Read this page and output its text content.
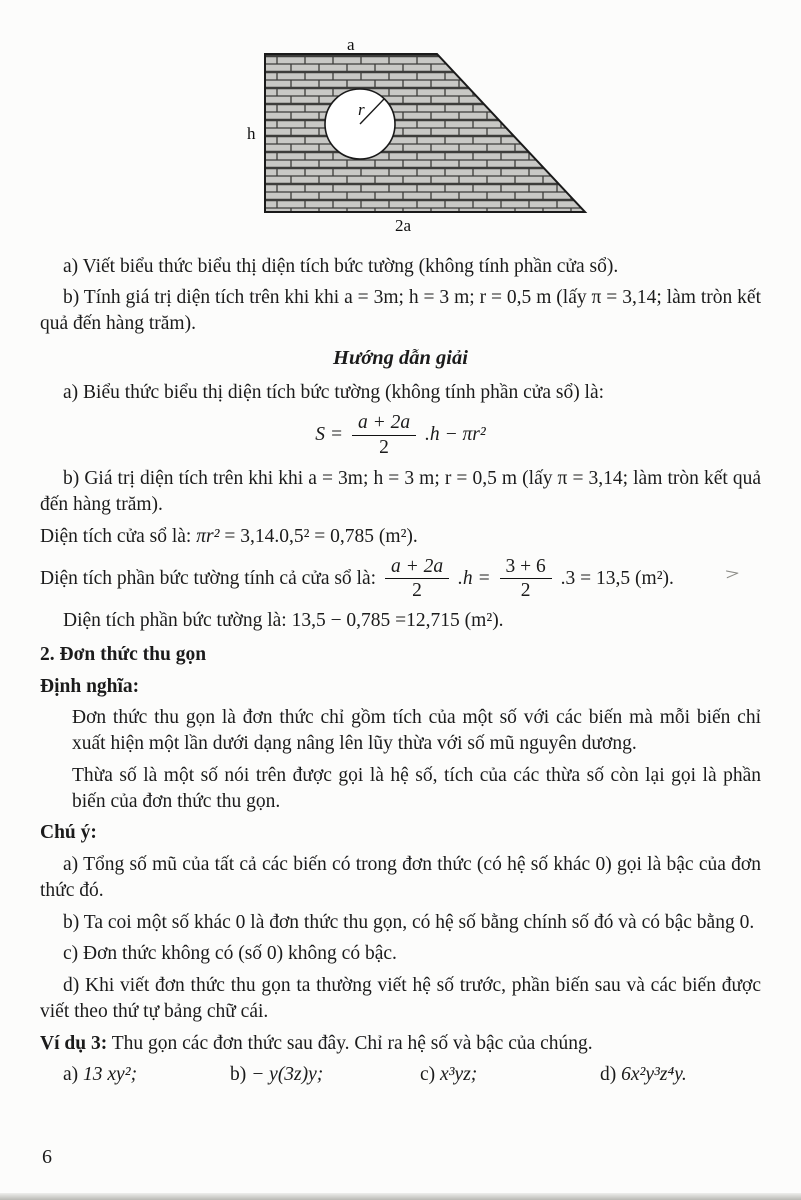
a
h
r
2a

a) Viết biểu thức biểu thị diện tích bức tường (không tính phần cửa sổ).

b) Tính giá trị diện tích trên khi khi a = 3m; h = 3 m; r = 0,5 m (lấy π = 3,14; làm tròn kết quả đến hàng trăm).

Hướng dẫn giải

a) Biểu thức biểu thị diện tích bức tường (không tính phần cửa sổ) là:

$S = \frac{a + 2a}{2} .h - \pi r^2$

b) Giá trị diện tích trên khi khi a = 3m; h = 3 m; r = 0,5 m (lấy π = 3,14; làm tròn kết quả đến hàng trăm).

Diện tích cửa sổ là: πr² = 3,14.0,5² = 0,785 (m²).

Diện tích phần bức tường tính cả cửa sổ là: $\frac{a + 2a}{2} .h = \frac{3 + 6}{2} .3 = 13,5$ (m²).	>

Diện tích phần bức tường là: 13,5 − 0,785 =12,715 (m²).

2. Đơn thức thu gọn

Định nghĩa:

Đơn thức thu gọn là đơn thức chỉ gồm tích của một số với các biến mà mỗi biến chỉ xuất hiện một lần dưới dạng nâng lên lũy thừa với số mũ nguyên dương.

Thừa số là một số nói trên được gọi là hệ số, tích của các thừa số còn lại gọi là phần biến của đơn thức thu gọn.

Chú ý:

a) Tổng số mũ của tất cả các biến có trong đơn thức (có hệ số khác 0) gọi là bậc của đơn thức đó.

b) Ta coi một số khác 0 là đơn thức thu gọn, có hệ số bằng chính số đó và có bậc bằng 0.

c) Đơn thức không có (số 0) không có bậc.

d) Khi viết đơn thức thu gọn ta thường viết hệ số trước, phần biến sau và các biến được viết theo thứ tự bảng chữ cái.

Ví dụ 3: Thu gọn các đơn thức sau đây. Chỉ ra hệ số và bậc của chúng.

a) 13 xy²;	b) − y(3z)y;	c) x³yz;	d) 6x²y³z⁴y.

6
